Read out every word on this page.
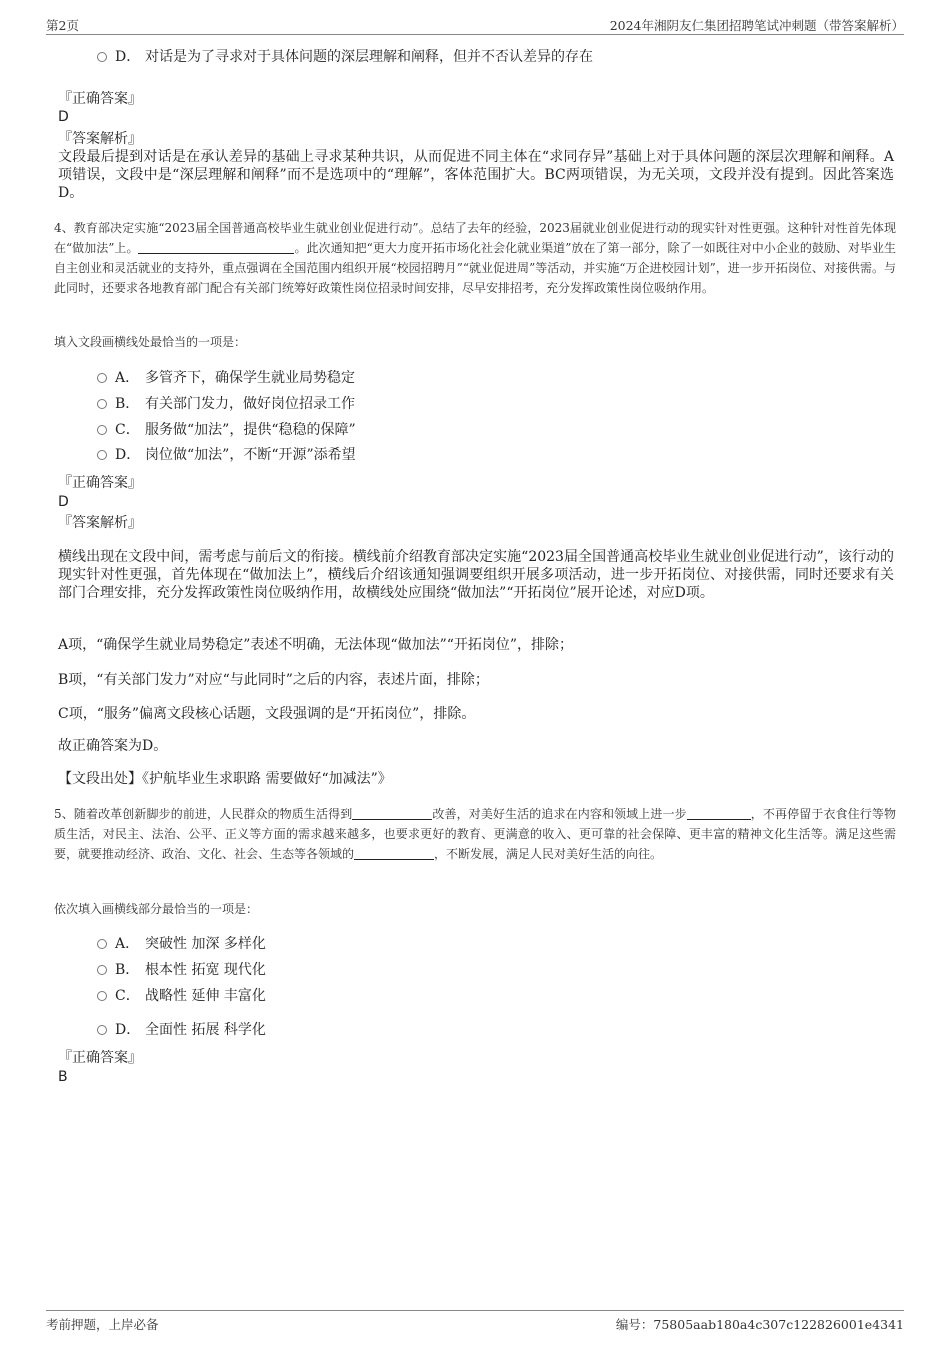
第2页	2024年湘阴友仁集团招聘笔试冲刺题（带答案解析）
D． 对话是为了寻求对于具体问题的深层理解和阐释，但并不否认差异的存在
『正确答案』
D
『答案解析』
文段最后提到对话是在承认差异的基础上寻求某种共识，从而促进不同主体在“求同存异”基础上对于具体问题的深层次理解和阐释。A项错误，文段中是“深层理解和阐释”而不是选项中的“理解”，客体范围扩大。BC两项错误，为无关项，文段并没有提到。因此答案选D。
4、教育部决定实施“2023届全国普通高校毕业生就业创业促进行动”。总结了去年的经验，2023届就业创业促进行动的现实针对性更强。这种针对性首先体现在“做加法”上。	。此次通知把“更大力度开拓市场化社会化就业渠道”放在了第一部分，除了一如既往对中小企业的鼓励、对毕业生自主创业和灵活就业的支持外，重点强调在全国范围内组织开展“校园招聘月”“就业促进周”等活动，并实施“万企进校园计划”，进一步开拓岗位、对接供需。与此同时，还要求各地教育部门配合有关部门统筹好政策性岗位招录时间安排，尽早安排招考，充分发挥政策性岗位吸纳作用。
填入文段画横线处最恰当的一项是：
A． 多管齐下，确保学生就业局势稳定
B． 有关部门发力，做好岗位招录工作
C． 服务做“加法”，提供“稳稳的保障”
D． 岗位做“加法”，不断“开源”添希望
『正确答案』
D
『答案解析』
横线出现在文段中间，需考虑与前后文的衔接。横线前介绍教育部决定实施“2023届全国普通高校毕业生就业创业促进行动”，该行动的现实针对性更强，首先体现在“做加法上”，横线后介绍该通知强调要组织开展多项活动，进一步开拓岗位、对接供需，同时还要求有关部门合理安排，充分发挥政策性岗位吸纳作用，故横线处应围绕“做加法”“开拓岗位”展开论述，对应D项。
A项，“确保学生就业局势稳定”表述不明确，无法体现“做加法”“开拓岗位”，排除；
B项，“有关部门发力”对应“与此同时”之后的内容，表述片面，排除；
C项，“服务”偏离文段核心话题，文段强调的是“开拓岗位”，排除。
故正确答案为D。
【文段出处】《护航毕业生求职路 需要做好“加减法”》
5、随着改革创新脚步的前进，人民群众的物质生活得到	改善，对美好生活的追求在内容和领域上进一步	，不再停留于衣食住行等物质生活，对民主、法治、公平、正义等方面的需求越来越多，也要求更好的教育、更满意的收入、更可靠的社会保障、更丰富的精神文化生活等。满足这些需要，就要推动经济、政治、文化、社会、生态等各领域的	，不断发展，满足人民对美好生活的向往。
依次填入画横线部分最恰当的一项是：
A． 突破性 加深 多样化
B． 根本性 拓宽 现代化
C． 战略性 延伸 丰富化
D． 全面性 拓展 科学化
『正确答案』
B
考前押题，上岸必备	编号：75805aab180a4c307c122826001e4341
